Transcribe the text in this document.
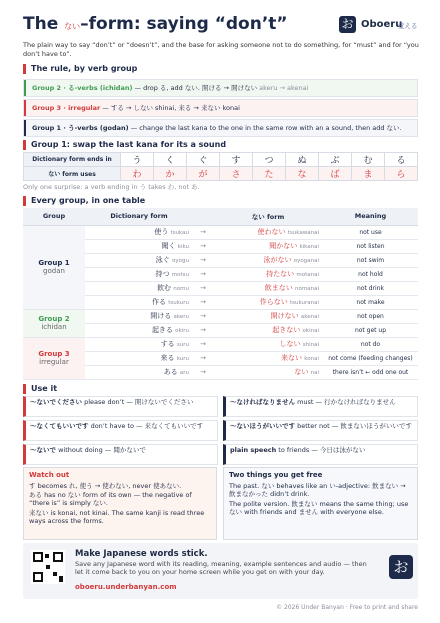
The ない–form: saying “don’t”	お Oboeru
覚える
The plain way to say “don’t” or “doesn’t”, and the base for asking someone not to do something, for “must” and for “you don’t have to”.
The rule, by verb group
Group 2 · る-verbs (ichidan) — drop る, add ない. 開ける → 開けない akeru → akenai
Group 3 · irregular — する → しない shinai, 来る → 来ない konai
Group 1 · う-verbs (godan) — change the last kana to the one in the same row with an a sound, then add ない.
Group 1: swap the last kana for its a sound
Dictionary form ends in	う	く	ぐ	す	つ	ぬ	ぶ	む	る
ない form uses	わ	か	が	さ	た	な	ば	ま	ら
Only one surprise: a verb ending in う takes わ, not あ.
Every group, in one table
Group	Dictionary form		ない form	Meaning
Group 1
godan	使う tsukau	→	使わない tsukawanai	not use
	聞く kiku	→	聞かない kikanai	not listen
	泳ぐ oyogu	→	泳がない oyoganai	not swim
	持つ motsu	→	持たない motanai	not hold
	飲む nomu	→	飲まない nomanai	not drink
	作る tsukuru	→	作らない tsukuranai	not make
Group 2
ichidan	開ける akeru	→	開けない akenai	not open
	起きる okiru	→	起きない okinai	not get up
Group 3
irregular	する suru	→	しない shinai	not do
	来る kuru	→	来ない konai	not come (feeding changes)
	ある aru	→	ない nai	there isn’t ← odd one out
Use it
〜ないでください please don’t — 開けないでください	〜なければなりません must — 行かなければなりません
〜なくてもいいです don’t have to — 来なくてもいいです	〜ないほうがいいです better not — 飲まないほうがいいです
〜ないで without doing — 聞かないで	plain speech to friends — 今日は泳がない
Watch out
す becomes れ, 使う → 使わない, never 使あない.
ある has no ない form of its own — the negative of “there is” is simply ない.
来ない is konai, not kinai. The same kanji is read three ways across the forms.
Two things you get free
The past. ない behaves like an い-adjective: 飲まない → 飲まなかった didn’t drink.
The polite version. 飲まない means the same thing; use ない with friends and ません with everyone else.
Make Japanese words stick.
Save any Japanese word with its reading, meaning, example sentences and audio — then let it come back to you on your home screen while you get on with your day.
oboeru.underbanyan.com
お
© 2026 Under Banyan · Free to print and share
